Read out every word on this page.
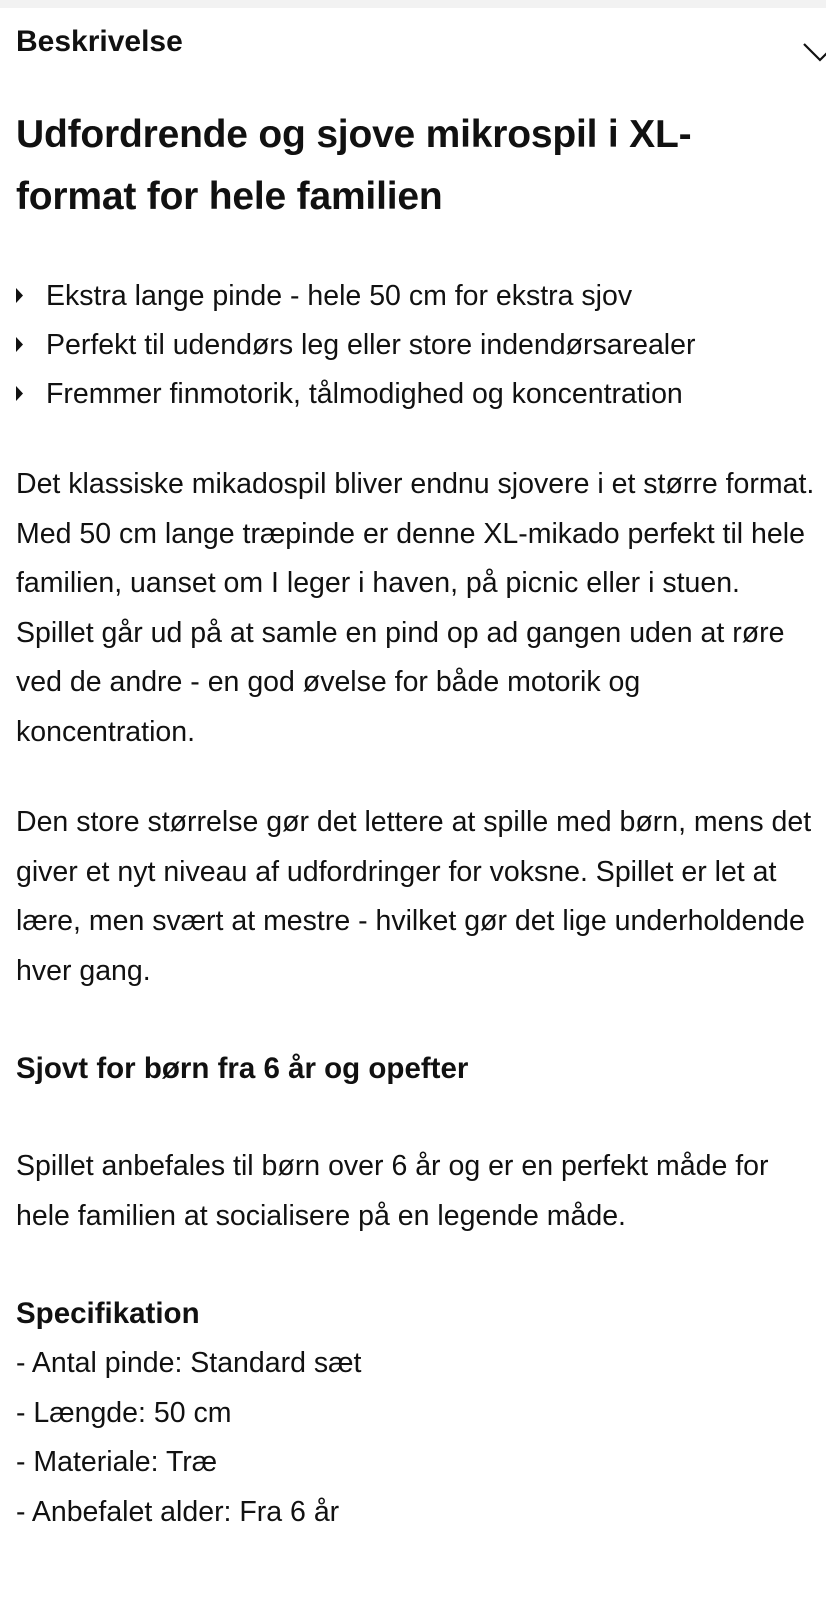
Beskrivelse
Udfordrende og sjove mikrospil i XL-format for hele familien
Ekstra lange pinde - hele 50 cm for ekstra sjov
Perfekt til udendørs leg eller store indendørsarealer
Fremmer finmotorik, tålmodighed og koncentration

Det klassiske mikadospil bliver endnu sjovere i et større format. Med 50 cm lange træpinde er denne XL-mikado perfekt til hele familien, uanset om I leger i haven, på picnic eller i stuen. Spillet går ud på at samle en pind op ad gangen uden at røre ved de andre - en god øvelse for både motorik og koncentration.

Den store størrelse gør det lettere at spille med børn, mens det giver et nyt niveau af udfordringer for voksne. Spillet er let at lære, men svært at mestre - hvilket gør det lige underholdende hver gang.

Sjovt for børn fra 6 år og opefter

Spillet anbefales til børn over 6 år og er en perfekt måde for hele familien at socialisere på en legende måde.

Specifikation
- Antal pinde: Standard sæt
- Længde: 50 cm
- Materiale: Træ
- Anbefalet alder: Fra 6 år
